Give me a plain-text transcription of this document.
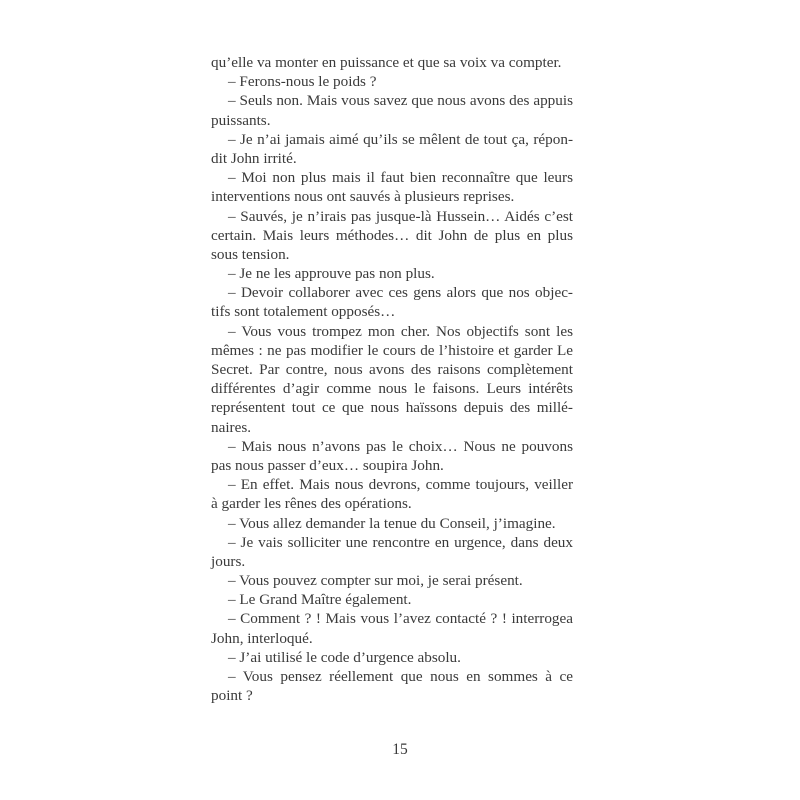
qu’elle va monter en puissance et que sa voix va compter.
– Ferons-nous le poids ?
– Seuls non. Mais vous savez que nous avons des appuis
puissants.
– Je n’ai jamais aimé qu’ils se mêlent de tout ça, répon-
dit John irrité.
– Moi non plus mais il faut bien reconnaître que leurs
interventions nous ont sauvés à plusieurs reprises.
– Sauvés, je n’irais pas jusque-là Hussein… Aidés c’est
certain. Mais leurs méthodes… dit John de plus en plus
sous tension.
– Je ne les approuve pas non plus.
– Devoir collaborer avec ces gens alors que nos objec-
tifs sont totalement opposés…
– Vous vous trompez mon cher. Nos objectifs sont les
mêmes : ne pas modifier le cours de l’histoire et garder Le
Secret. Par contre, nous avons des raisons complètement
différentes d’agir comme nous le faisons. Leurs intérêts
représentent tout ce que nous haïssons depuis des millé-
naires.
– Mais nous n’avons pas le choix… Nous ne pouvons
pas nous passer d’eux… soupira John.
– En effet. Mais nous devrons, comme toujours, veiller
à garder les rênes des opérations.
– Vous allez demander la tenue du Conseil, j’imagine.
– Je vais solliciter une rencontre en urgence, dans deux
jours.
– Vous pouvez compter sur moi, je serai présent.
– Le Grand Maître également.
– Comment ? ! Mais vous l’avez contacté ? ! interrogea
John, interloqué.
– J’ai utilisé le code d’urgence absolu.
– Vous pensez réellement que nous en sommes à ce
point ?
15
